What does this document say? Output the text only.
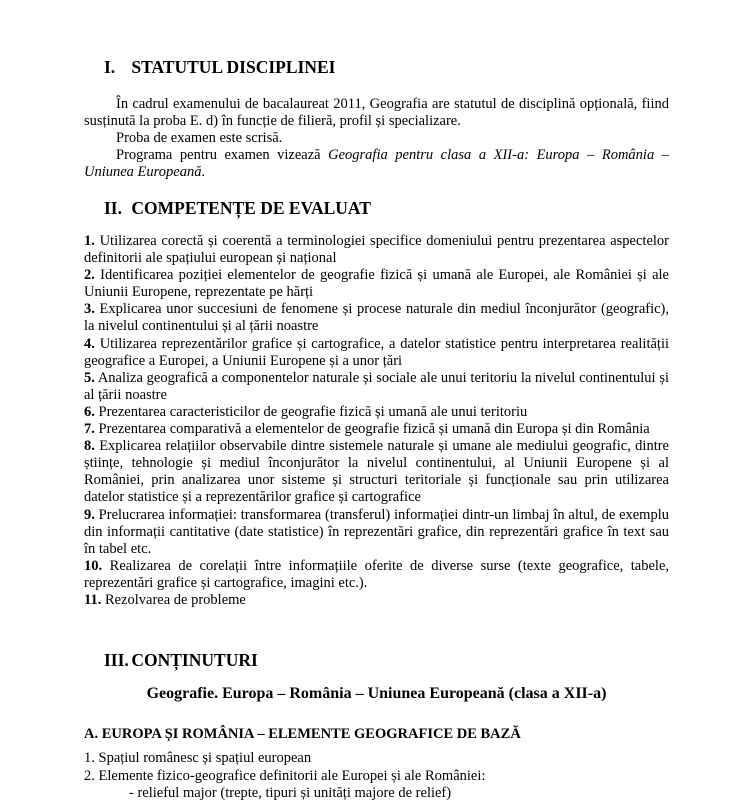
I. STATUTUL DISCIPLINEI

În cadrul examenului de bacalaureat 2011, Geografia are statutul de disciplină opțională, fiind susținută la proba E. d) în funcție de filieră, profil și specializare.

Proba de examen este scrisă.

Programa pentru examen vizează Geografia pentru clasa a XII-a: Europa – România – Uniunea Europeană.

II. COMPETENȚE DE EVALUAT
1. Utilizarea corectă și coerentă a terminologiei specifice domeniului pentru prezentarea aspectelor definitorii ale spațiului european și național
2. Identificarea poziției elementelor de geografie fizică și umană ale Europei, ale României și ale Uniunii Europene, reprezentate pe hărți
3. Explicarea unor succesiuni de fenomene și procese naturale din mediul înconjurător (geografic), la nivelul continentului și al țării noastre
4. Utilizarea reprezentărilor grafice și cartografice, a datelor statistice pentru interpretarea realității geografice a Europei, a Uniunii Europene și a unor țări
5. Analiza geografică a componentelor naturale și sociale ale unui teritoriu la nivelul continentului și al țării noastre
6. Prezentarea caracteristicilor de geografie fizică și umană ale unui teritoriu
7. Prezentarea comparativă a elementelor de geografie fizică și umană din Europa și din România
8. Explicarea relațiilor observabile dintre sistemele naturale și umane ale mediului geografic, dintre științe, tehnologie și mediul înconjurător la nivelul continentului, al Uniunii Europene și al României, prin analizarea unor sisteme și structuri teritoriale și funcționale sau prin utilizarea datelor statistice și a reprezentărilor grafice și cartografice
9. Prelucrarea informației: transformarea (transferul) informației dintr-un limbaj în altul, de exemplu din informații cantitative (date statistice) în reprezentări grafice, din reprezentări grafice în text sau în tabel etc.
10. Realizarea de corelații între informațiile oferite de diverse surse (texte geografice, tabele, reprezentări grafice și cartografice, imagini etc.).
11. Rezolvarea de probleme
III. CONȚINUTURI
Geografie. Europa – România – Uniunea Europeană (clasa a XII-a)
A. EUROPA ȘI ROMÂNIA – ELEMENTE GEOGRAFICE DE BAZĂ
1. Spațiul românesc și spațiul european
2. Elemente fizico-geografice definitorii ale Europei și ale României:
- relieful major (trepte, tipuri și unități majore de relief)
